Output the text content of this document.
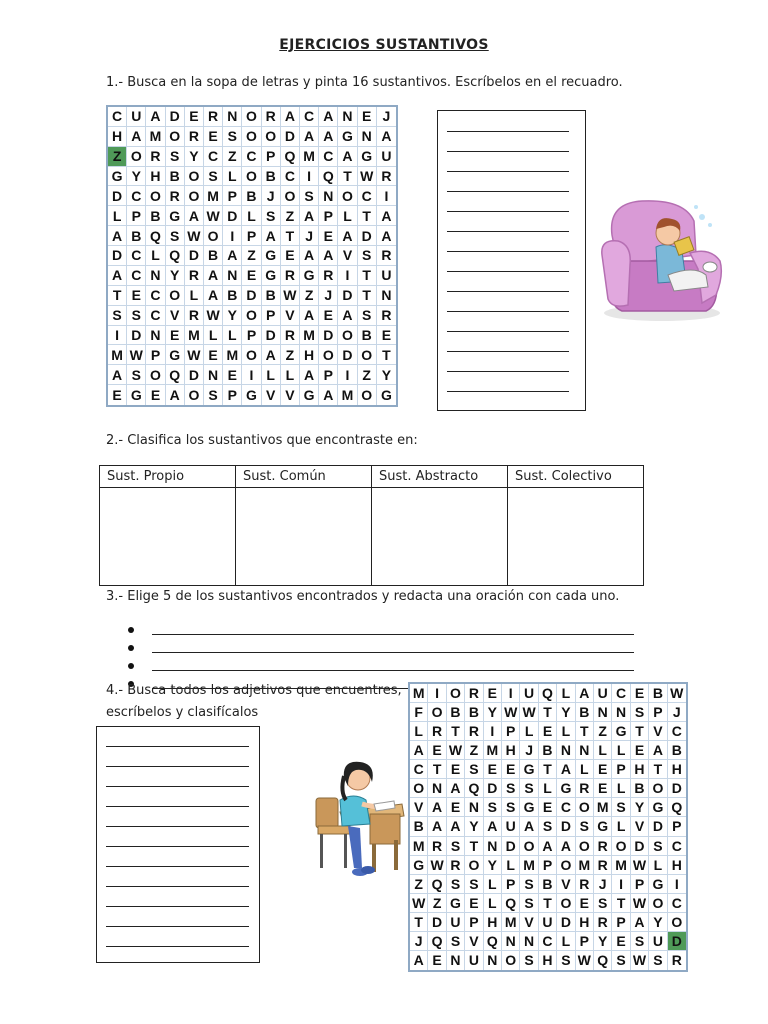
EJERCICIOS SUSTANTIVOS
1.- Busca en la sopa de letras y pinta 16 sustantivos. Escríbelos en el recuadro.
C U A D E R N O R A C A N E J
H A M O R E S O O D A A G N A
Z O R S Y C Z C P Q M C A G U
G Y H B O S L O B C I Q T W R
D C O R O M P B J O S N O C I
L P B G A W D L S Z A P L T A
A B Q S W O I P A T J E A D A
D C L Q D B A Z G E A A V S R
A C N Y R A N E G R G R I T U
T E C O L A B D B W Z J D T N
S S C V R W Y O P V A E A S R
I D N E M L L P D R M D O B E
M W P G W E M O A Z H O D O T
A S O Q D N E I L L A P I Z Y
E G E A O S P G V V G A M O G
2.- Clasifica los sustantivos que encontraste en:
Sust. Propio	Sust. Común	Sust. Abstracto	Sust. Colectivo

3.- Elige 5 de los sustantivos encontrados y redacta una oración con cada uno.
4.- Busca todos los adjetivos que encuentres,
escríbelos y clasifícalos
M I O R E I U Q L A U C E B W
F O B B Y W W T Y B N N S P J
L R T R I P L E L T Z G T V C
A E W Z M H J B N N L L E A B
C T E S E E G T A L E P H T H
O N A Q D S S L G R E L B O D
V A E N S S G E C O M S Y G Q
B A A Y A U A S D S G L V D P
M R S T N D O A A O R O D S C
G W R O Y L M P O M R M W L H
Z Q S S L P S B V R J I P G I
W Z G E L Q S T O E S T W O C
T D U P H M V U D H R P A Y O
J Q S V Q N N C L P Y E S U D
A E N U N O S H S W Q S W S R
